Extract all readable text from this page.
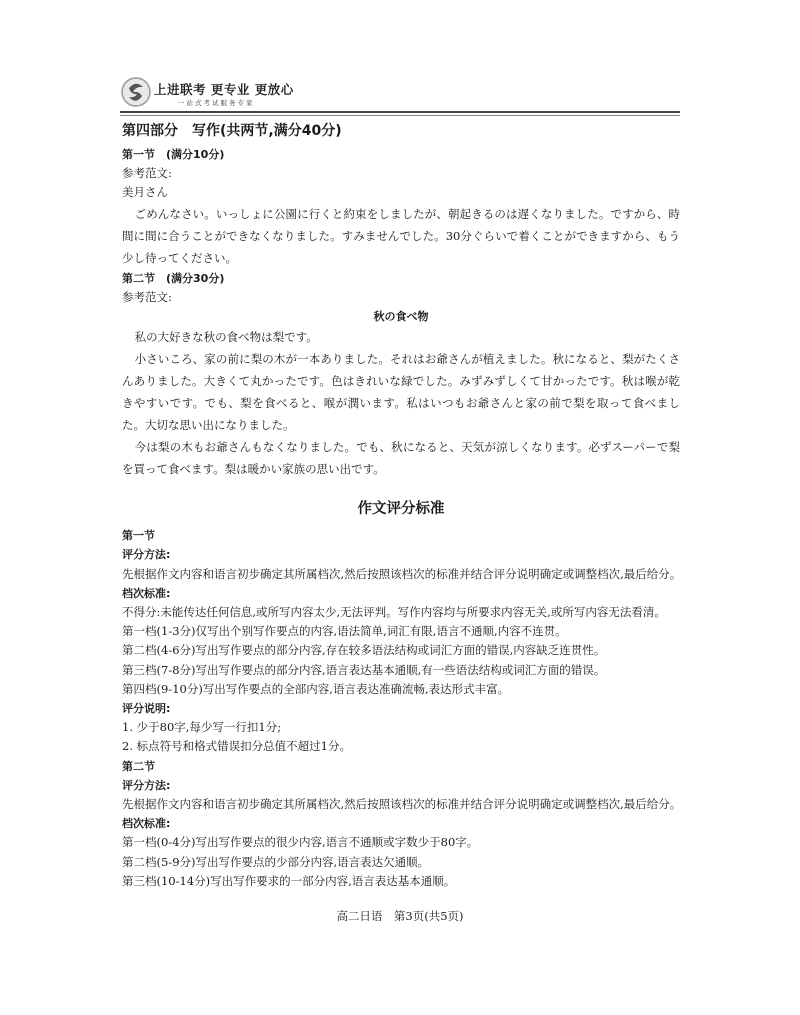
上进联考 更专业 更放心
一站式考试服务专家
第四部分　写作(共两节,满分40分)
第一节　(满分10分)
参考范文:
美月さん
ごめんなさい。いっしょに公園に行くと約束をしましたが、朝起きるのは遅くなりました。ですから、時間に間に合うことができなくなりました。すみませんでした。30分ぐらいで着くことができますから、もう少し待ってください。
第二节　(满分30分)
参考范文:
秋の食べ物
私の大好きな秋の食べ物は梨です。
小さいころ、家の前に梨の木が一本ありました。それはお爺さんが植えました。秋になると、梨がたくさんありました。大きくて丸かったです。色はきれいな緑でした。みずみずしくて甘かったです。秋は喉が乾きやすいです。でも、梨を食べると、喉が潤います。私はいつもお爺さんと家の前で梨を取って食べました。大切な思い出になりました。
今は梨の木もお爺さんもなくなりました。でも、秋になると、天気が涼しくなります。必ずスーパーで梨を買って食べます。梨は暖かい家族の思い出です。
作文评分标准
第一节
评分方法:
先根据作文内容和语言初步确定其所属档次,然后按照该档次的标准并结合评分说明确定或调整档次,最后给分。
档次标准:
不得分:未能传达任何信息,或所写内容太少,无法评判。写作内容均与所要求内容无关,或所写内容无法看清。
第一档(1-3分)仅写出个别写作要点的内容,语法简单,词汇有限,语言不通顺,内容不连贯。
第二档(4-6分)写出写作要点的部分内容,存在较多语法结构或词汇方面的错误,内容缺乏连贯性。
第三档(7-8分)写出写作要点的部分内容,语言表达基本通顺,有一些语法结构或词汇方面的错误。
第四档(9-10分)写出写作要点的全部内容,语言表达准确流畅,表达形式丰富。
评分说明:
1. 少于80字,每少写一行扣1分;
2. 标点符号和格式错误扣分总值不超过1分。
第二节
评分方法:
先根据作文内容和语言初步确定其所属档次,然后按照该档次的标准并结合评分说明确定或调整档次,最后给分。
档次标准:
第一档(0-4分)写出写作要点的很少内容,语言不通顺或字数少于80字。
第二档(5-9分)写出写作要点的少部分内容,语言表达欠通顺。
第三档(10-14分)写出写作要求的一部分内容,语言表达基本通顺。
高二日语　第3页(共5页)
